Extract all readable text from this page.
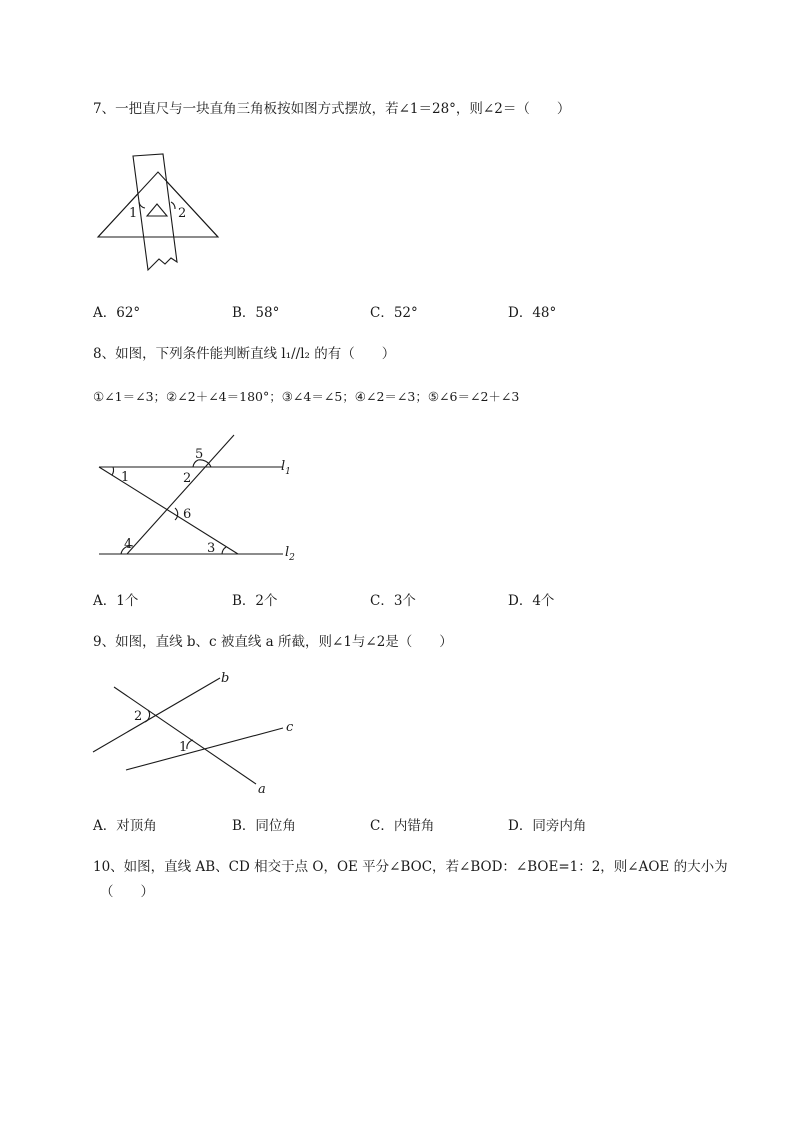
7、一把直尺与一块直角三角板按如图方式摆放，若∠1＝28°，则∠2＝（　　）
1	2
A．62°	B．58°	C．52°	D．48°
8、如图，下列条件能判断直线 l₁//l₂ 的有（　　）
①∠1＝∠3；②∠2＋∠4＝180°；③∠4＝∠5；④∠2＝∠3；⑤∠6＝∠2＋∠3
1	2
5
6
4	3
$l_1$
$l_2$
A．1个	B．2个	C．3个	D．4个
9、如图，直线 b、c 被直线 a 所截，则∠1与∠2是（　　）
2
1
b
c
a
A．对顶角	B．同位角	C．内错角	D．同旁内角
10、如图，直线 AB、CD 相交于点 O，OE 平分∠BOC，若∠BOD：∠BOE=1：2，则∠AOE 的大小为
（　　）
